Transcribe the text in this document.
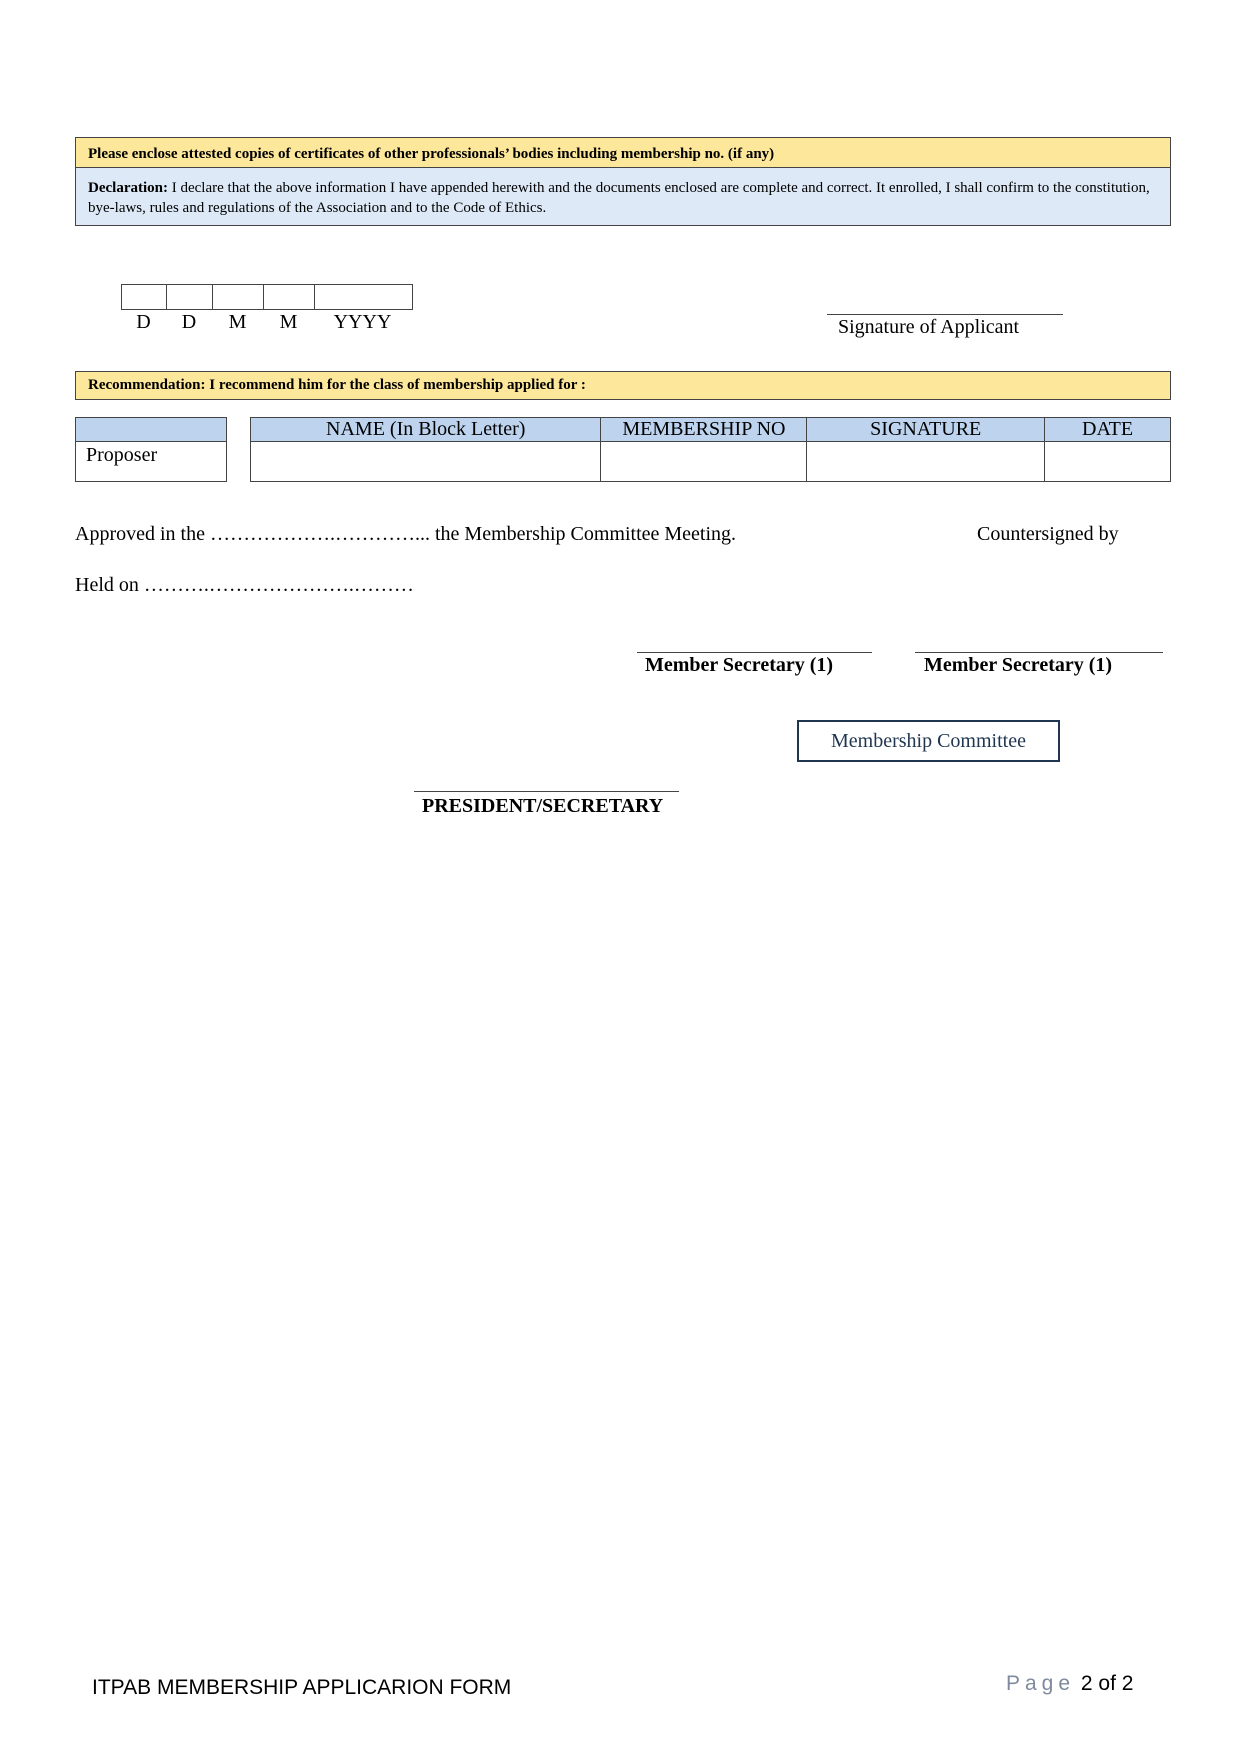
Please enclose attested copies of certificates of other professionals’ bodies including membership no. (if any)
Declaration: I declare that the above information I have appended herewith and the documents enclosed are complete and correct. It enrolled, I shall confirm to the constitution, bye-laws, rules and regulations of the Association and to the Code of Ethics.
D	D	M	M	YYYY	Signature of Applicant
Recommendation: I recommend him for the class of membership applied for :

Proposer
NAME (In Block Letter)	MEMBERSHIP NO	SIGNATURE	DATE

Approved in the ……………….…………... the Membership Committee Meeting.	Countersigned by
Held on ……….………………….………
Member Secretary (1)	Member Secretary (1)
Membership Committee
PRESIDENT/SECRETARY
ITPAB MEMBERSHIP APPLICARION FORM	Page 2 of 2
